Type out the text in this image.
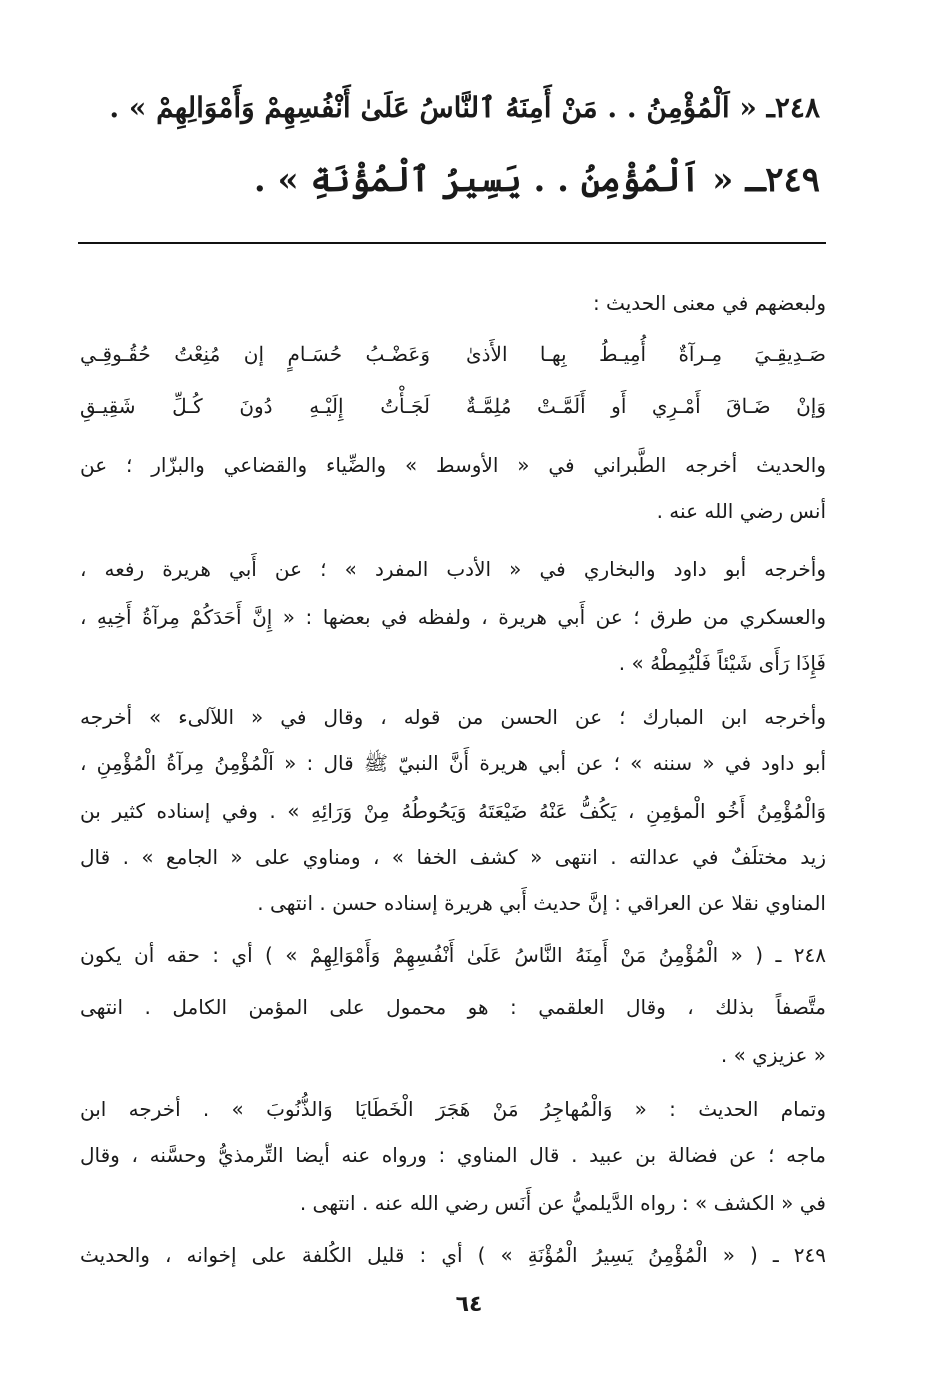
٢٤٨ـ « اَلْمُؤْمِنُ . . مَنْ أَمِنَهُ ٱلنَّاسُ عَلَىٰ أَنْفُسِهِمْ وَأَمْوَالِهِمْ » .
٢٤٩ـ « اَلْمُؤْمِنُ . . يَسِيرُ ٱلْمُؤْنَةِ » .
ولبعضهم في معنى الحديث :
صَـدِيقِـيَ مِـرآةٌ أُمِيـطُ بِهـا الأَذىٰ
وَعَضْـبُ حُسَـامٍ إن مُنِعْتُ حُقُـوقِـي
وَإنْ ضَـاقَ أَمْـرِي أَو أَلَمَّـتْ مُلِمَّـةٌ
لَجَـأْتُ إِلَيْـهِ دُونَ كُـلِّ شَقِيـقِ
والحديث أخرجه الطَّبراني في « الأوسط » والضِّياء والقضاعي والبزّار ؛ عن
أنس رضي الله عنه .
وأخرجه أبو داود والبخاري في « الأدب المفرد » ؛ عن أَبي هريرة رفعه ،
والعسكري من طرق ؛ عن أَبي هريرة ، ولفظه في بعضها : « إِنَّ أَحَدَكُمْ مِرآةُ أَخِيهِ ،
فَإِذَا رَأَى شَيْئاً فَلْيُمِطْهُ » .
وأخرجه ابن المبارك ؛ عن الحسن من قوله ، وقال في « اللآلىء » أخرجه
أبو داود في « سننه » ؛ عن أبي هريرة أَنَّ النبيّ ﷺ قال : « اَلْمُؤْمِنُ مِرآةُ الْمُؤْمِنِ ،
وَالْمُؤْمِنُ أَخُو الْمؤمِنِ ، يَكُفُّ عَنْهُ ضَيْعَتَهُ وَيَحُوطُهُ مِنْ وَرَائِهِ » . وفي إسناده كثير بن
زيد مختلَفٌ في عدالته . انتهى « كشف الخفا » ، ومناوي على « الجامع » . قال
المناوي نقلا عن العراقي : إنَّ حديث أَبي هريرة إسناده حسن . انتهى .
٢٤٨ ـ ( « الْمُؤْمِنُ مَنْ أَمِنَهُ النَّاسُ عَلَىٰ أَنْفُسِهِمْ وَأَمْوَالِهِمْ » ) أي : حقه أن يكون
متَّصفاً بذلك ، وقال العلقمي : هو محمول على المؤمن الكامل . انتهى
« عزيزي » .
وتمام الحديث : « وَالْمُهاجِرُ مَنْ هَجَرَ الْخَطَايَا وَالذُّنُوبَ » . أخرجه ابن
ماجه ؛ عن فضالة بن عبيد . قال المناوي : ورواه عنه أيضا التِّرمذيُّ وحسَّنه ، وقال
في « الكشف » : رواه الدَّيلميُّ عن أَنَس رضي الله عنه . انتهى .
٢٤٩ ـ ( « الْمُؤْمِنُ يَسِيرُ الْمُؤْنَةِ » ) أي : قليل الكُلفة على إخوانه ، والحديث
٦٤
